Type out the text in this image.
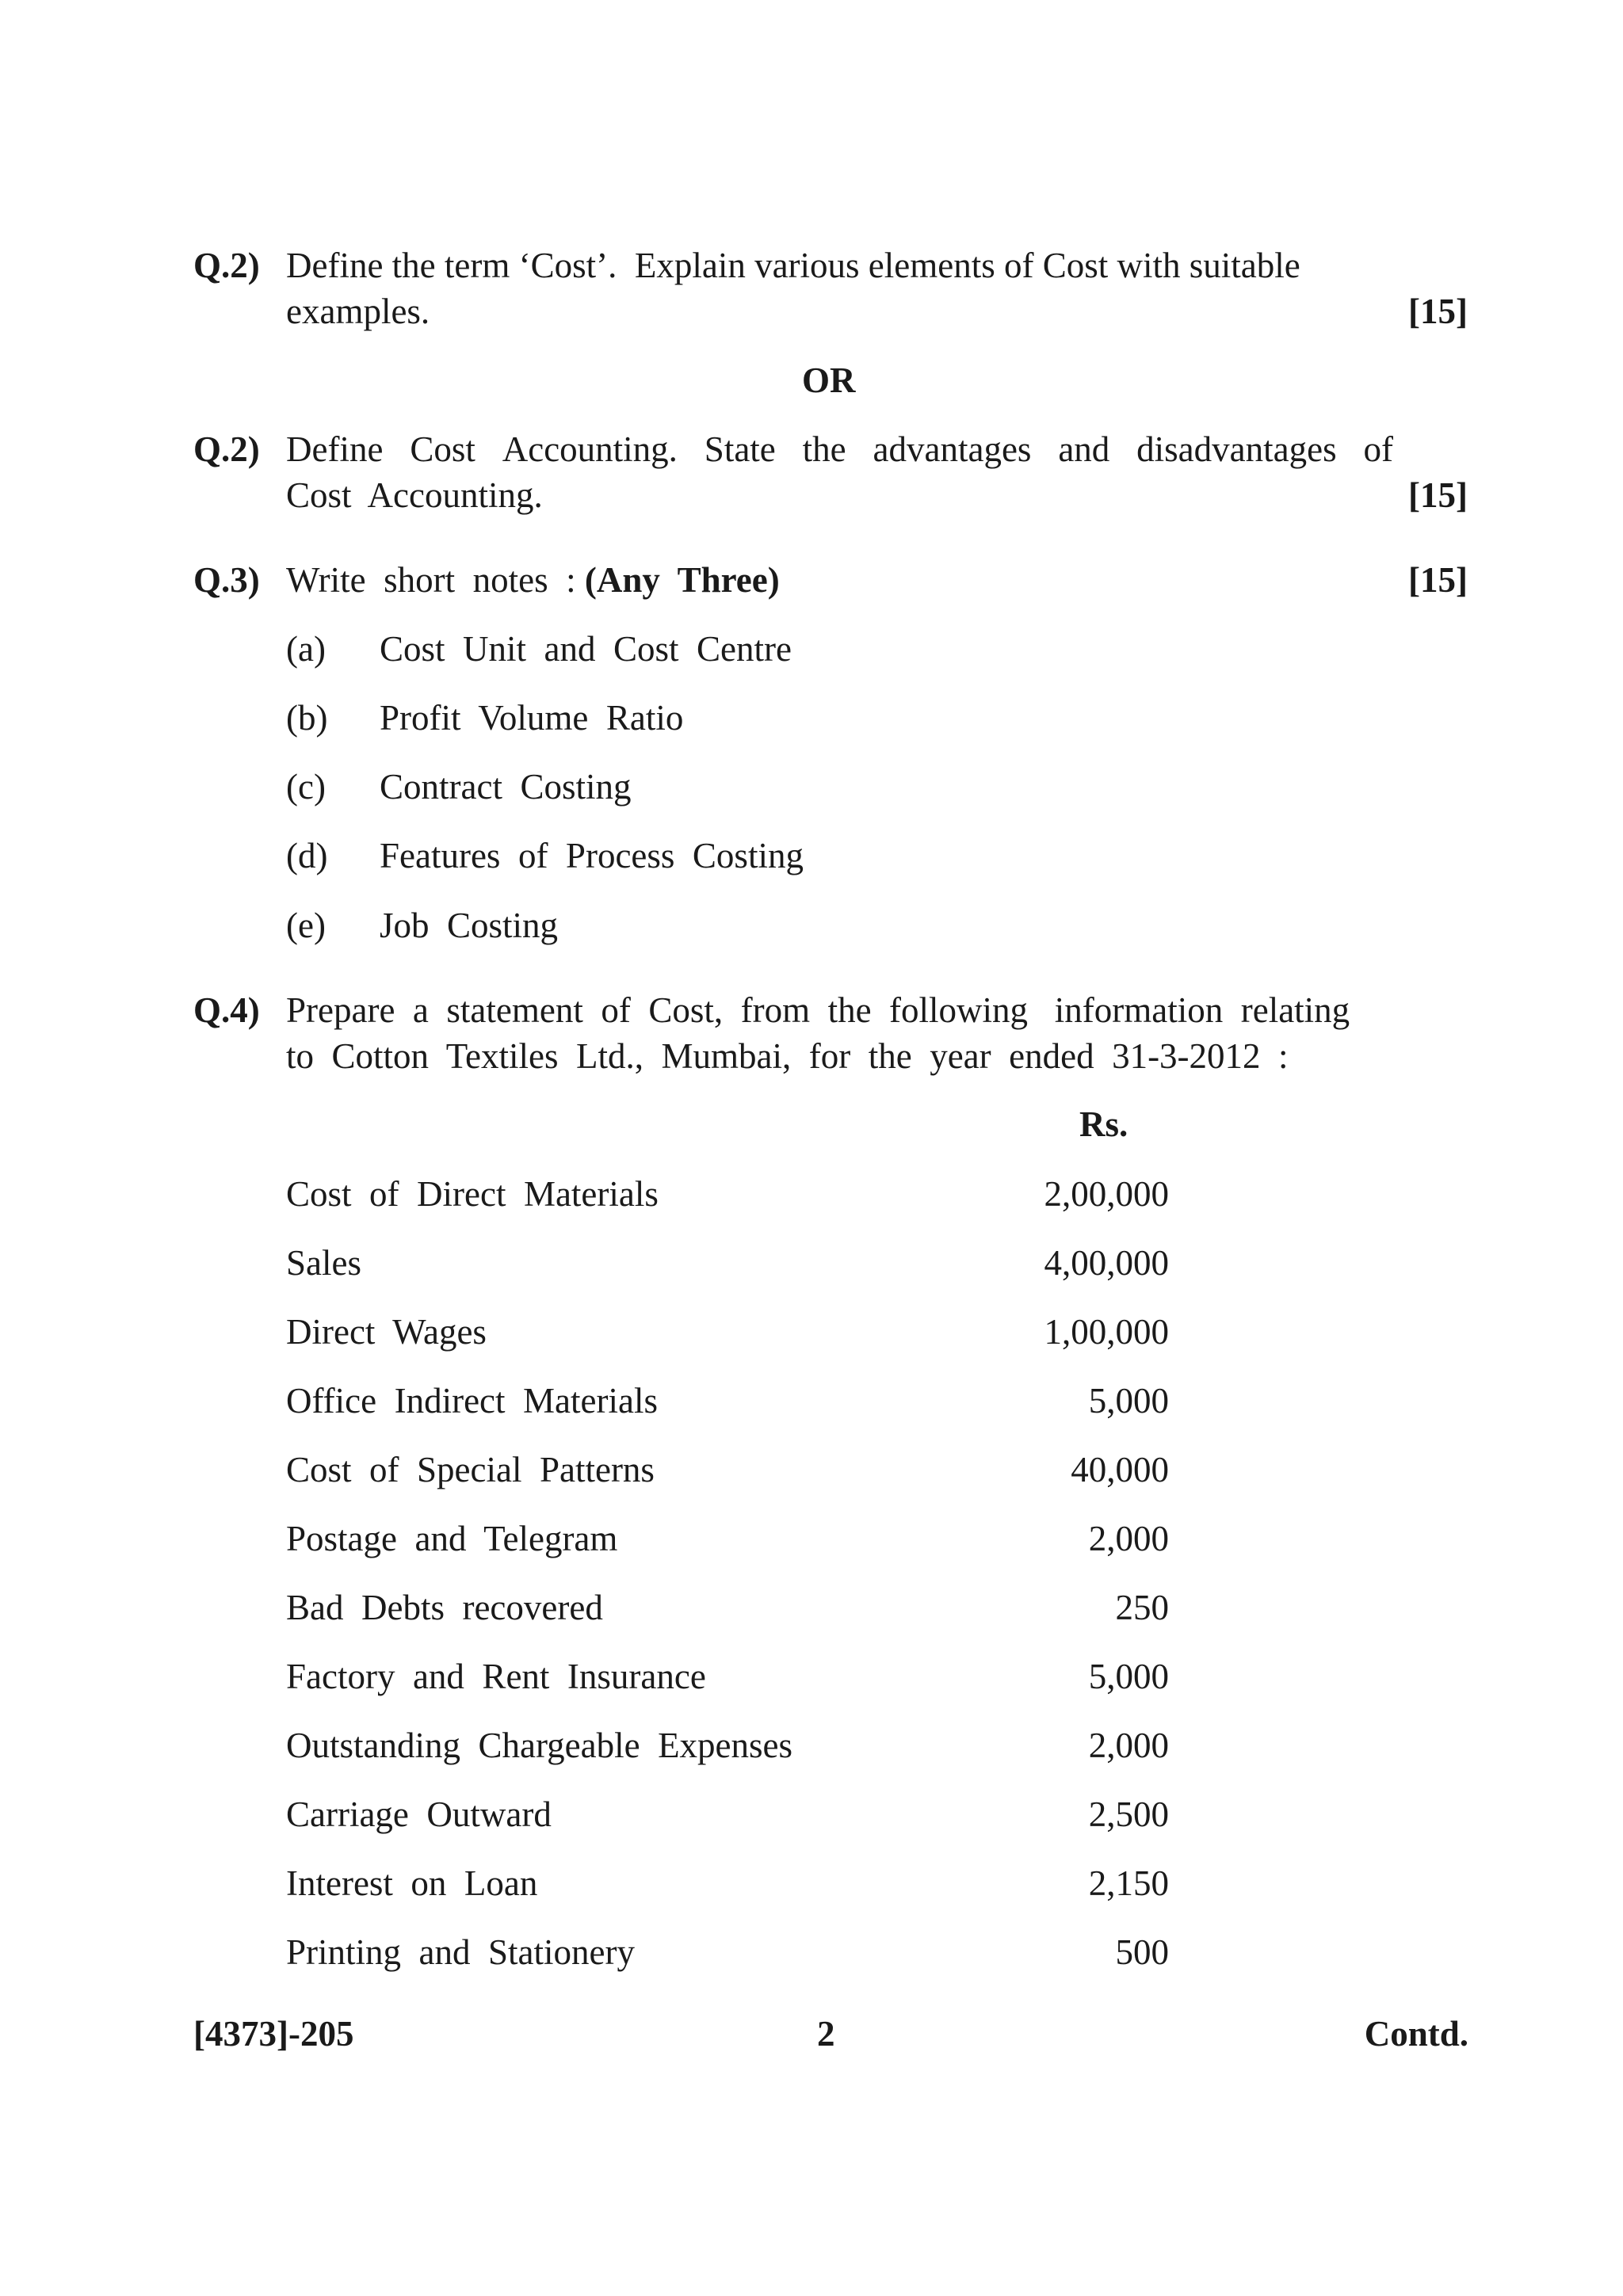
Q.2) Define the term ‘Cost’.  Explain various elements of Cost with suitable
examples.	[15]
OR
Q.2) Define Cost Accounting. State the advantages and disadvantages of
Cost  Accounting.	[15]
Q.3) Write  short  notes  : (Any  Three)	[15]
(a) Cost  Unit  and  Cost  Centre
(b) Profit  Volume  Ratio
(c) Contract  Costing
(d) Features  of  Process  Costing
(e) Job  Costing
Q.4) Prepare  a  statement  of  Cost,  from  the  following   information  relating
to  Cotton  Textiles  Ltd.,  Mumbai,  for  the  year  ended  31-3-2012  :
Rs.
Cost  of  Direct  Materials	2,00,000
Sales	4,00,000
Direct  Wages	1,00,000
Office  Indirect  Materials	5,000
Cost  of  Special  Patterns	40,000
Postage  and  Telegram	2,000
Bad  Debts  recovered	250
Factory  and  Rent  Insurance	5,000
Outstanding  Chargeable  Expenses	2,000
Carriage  Outward	2,500
Interest  on  Loan	2,150
Printing  and  Stationery	500
[4373]-205	2	Contd.
